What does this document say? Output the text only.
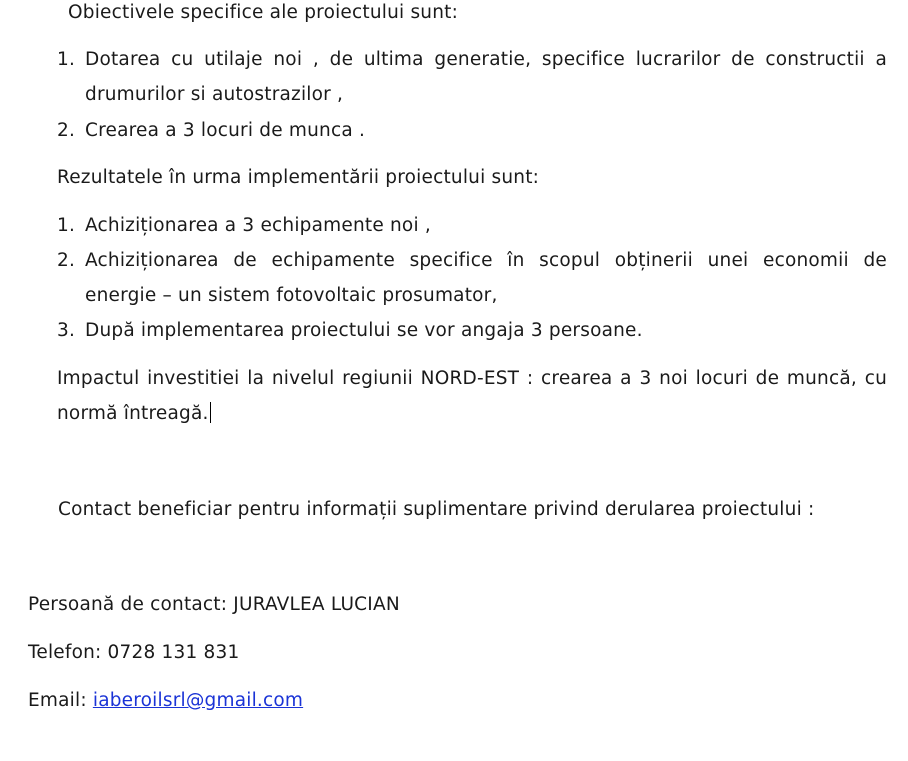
Obiectivele specifice ale proiectului sunt:
1. Dotarea cu utilaje noi , de ultima generatie, specifice lucrarilor de constructii a
drumurilor si autostrazilor ,
2. Crearea a 3 locuri de munca .
Rezultatele în urma implementării proiectului sunt:
1. Achiziționarea a 3 echipamente noi ,
2. Achiziționarea de echipamente specifice în scopul obținerii unei economii de
energie – un sistem fotovoltaic prosumator,
3. După implementarea proiectului se vor angaja 3 persoane.
Impactul investitiei la nivelul regiunii NORD-EST : crearea a 3 noi locuri de muncă, cu
normă întreagă.
Contact beneficiar pentru informații suplimentare privind derularea proiectului :
Persoană de contact: JURAVLEA LUCIAN
Telefon: 0728 131 831
Email: iaberoilsrl@gmail.com
